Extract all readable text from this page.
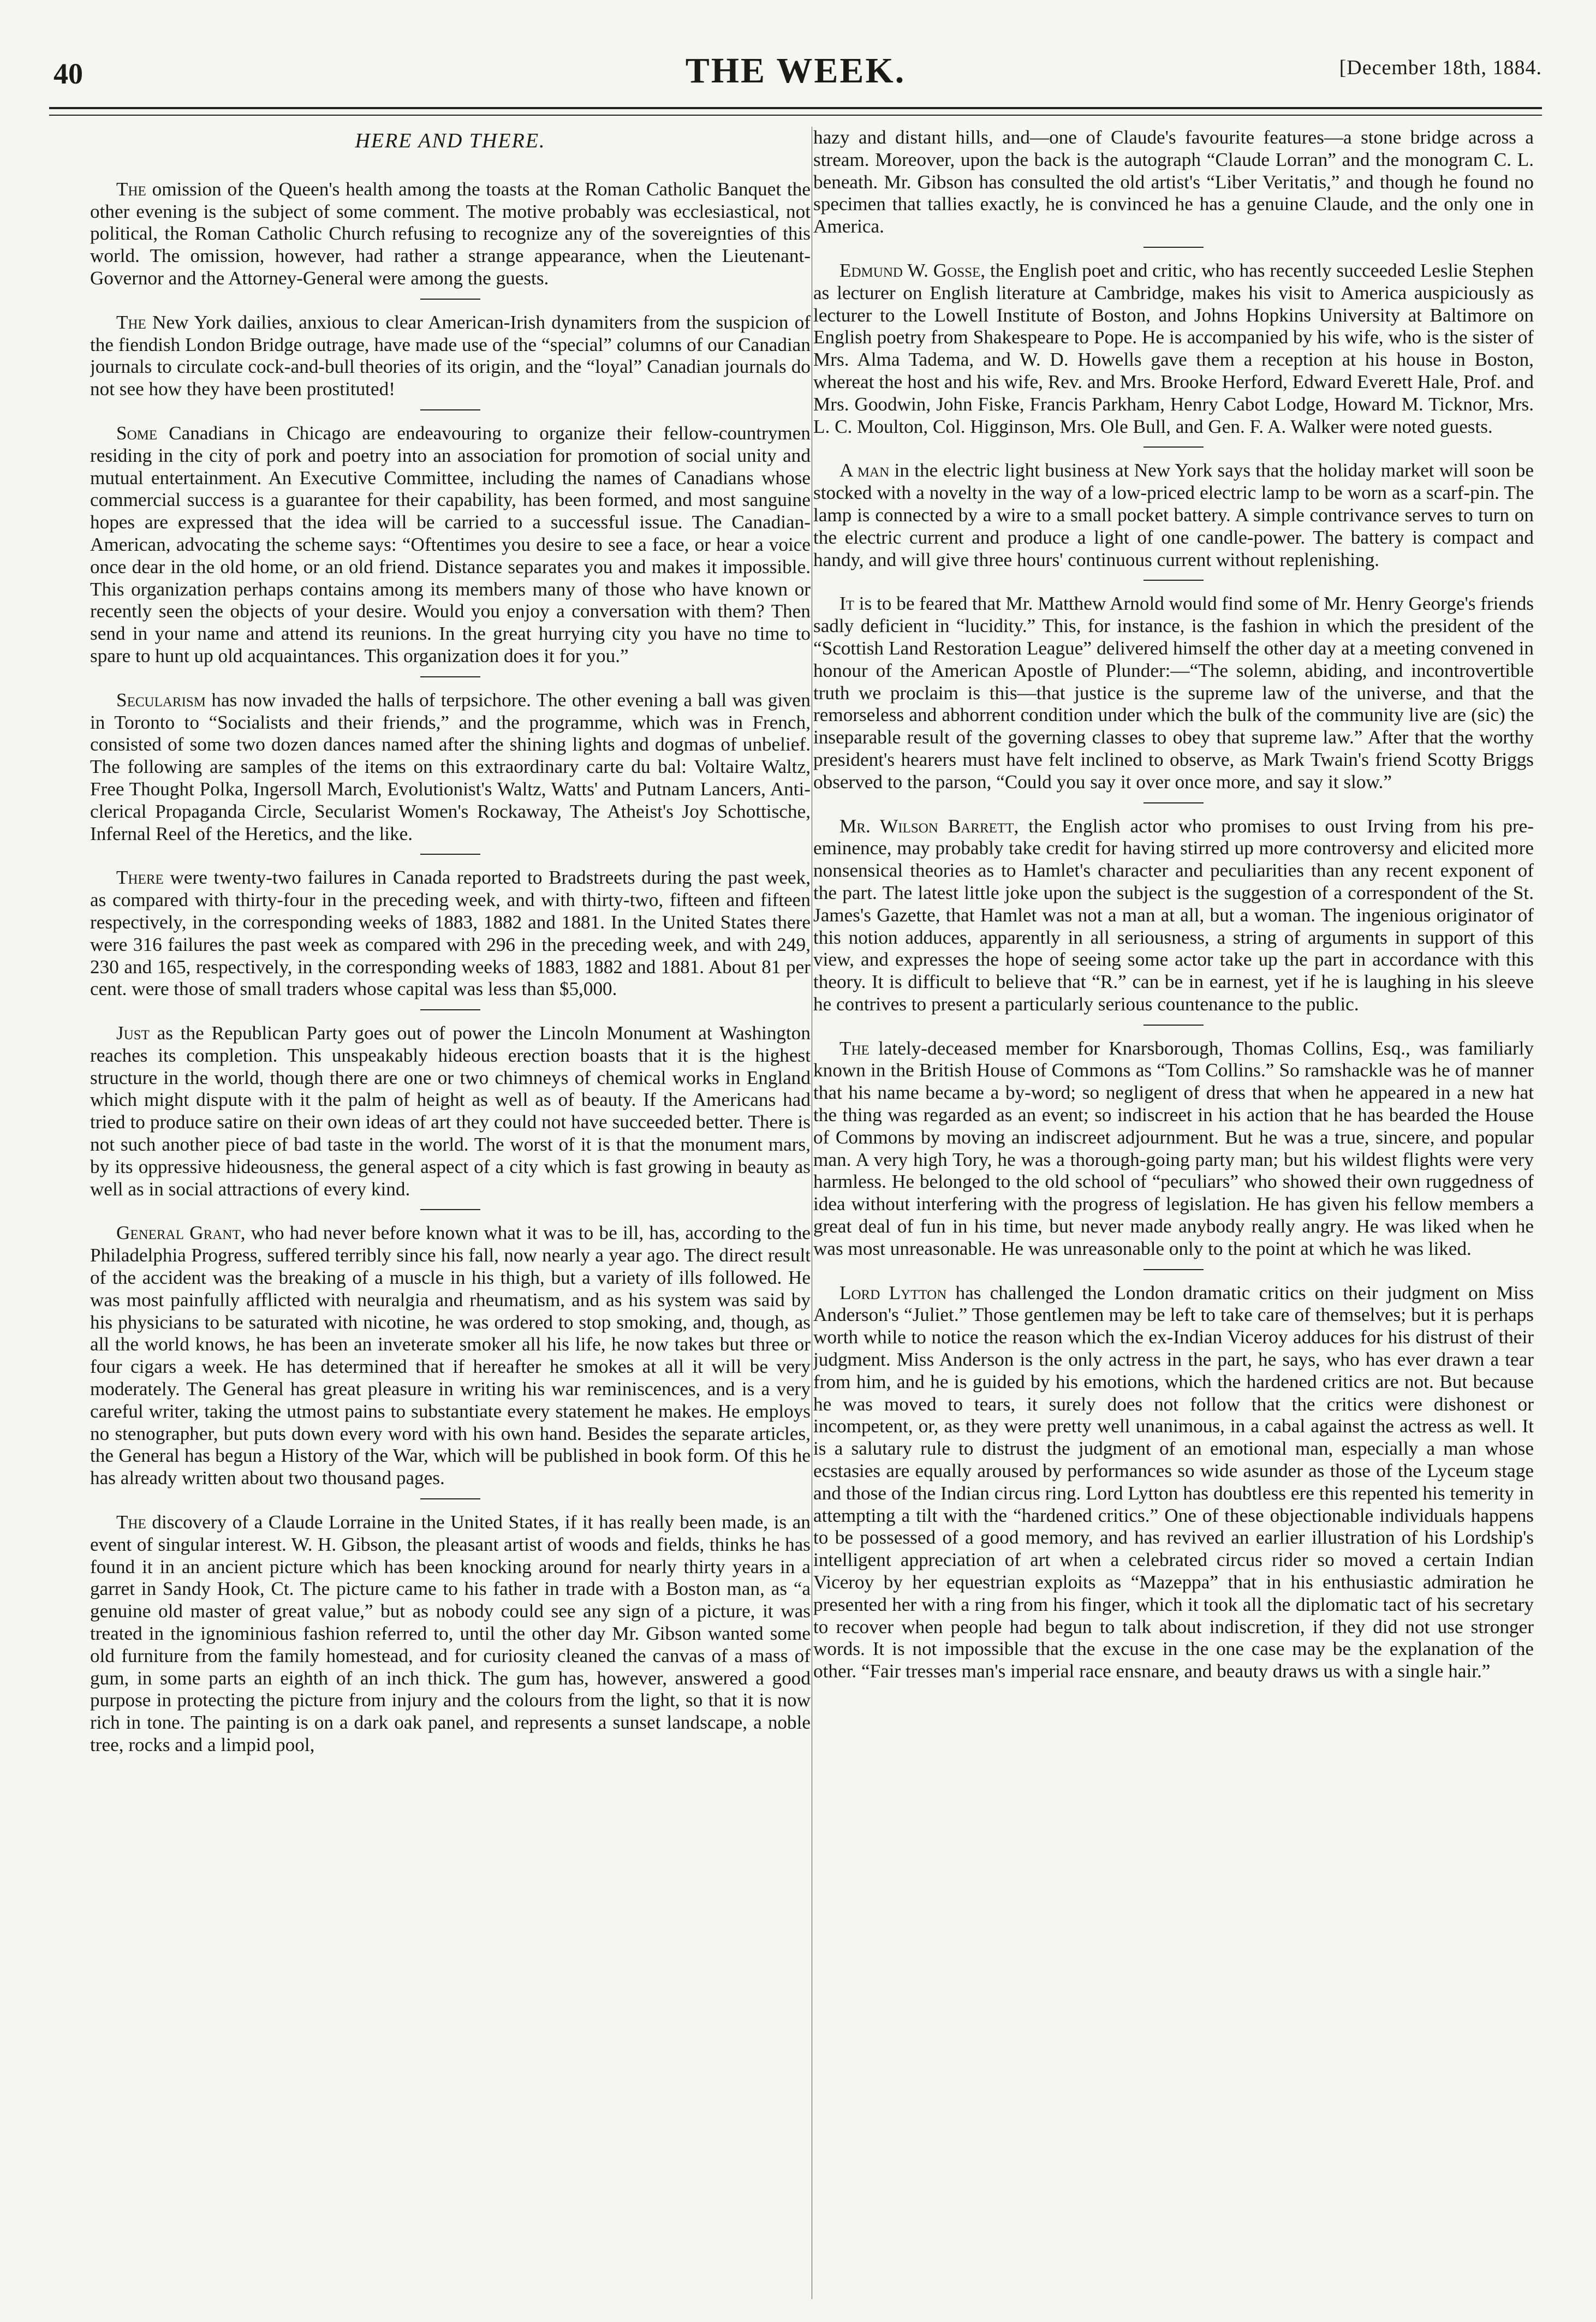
40	THE WEEK.	[December 18th, 1884.
HERE AND THERE.

The omission of the Queen's health among the toasts at the Roman Catholic Banquet the other evening is the subject of some comment. The motive probably was ecclesiastical, not political, the Roman Catholic Church refusing to recognize any of the sovereignties of this world. The omission, however, had rather a strange appearance, when the Lieutenant-Governor and the Attorney-General were among the guests.

The New York dailies, anxious to clear American-Irish dynamiters from the suspicion of the fiendish London Bridge outrage, have made use of the “special” columns of our Canadian journals to circulate cock-and-bull theories of its origin, and the “loyal” Canadian journals do not see how they have been prostituted!

Some Canadians in Chicago are endeavouring to organize their fellow-countrymen residing in the city of pork and poetry into an association for promotion of social unity and mutual entertainment. An Executive Committee, including the names of Canadians whose commercial success is a guarantee for their capability, has been formed, and most sanguine hopes are expressed that the idea will be carried to a successful issue. The Canadian-American, advocating the scheme says: “Oftentimes you desire to see a face, or hear a voice once dear in the old home, or an old friend. Distance separates you and makes it impossible. This organization perhaps contains among its members many of those who have known or recently seen the objects of your desire. Would you enjoy a conversation with them? Then send in your name and attend its reunions. In the great hurrying city you have no time to spare to hunt up old acquaintances. This organization does it for you.”

Secularism has now invaded the halls of terpsichore. The other evening a ball was given in Toronto to “Socialists and their friends,” and the programme, which was in French, consisted of some two dozen dances named after the shining lights and dogmas of unbelief. The following are samples of the items on this extraordinary carte du bal: Voltaire Waltz, Free Thought Polka, Ingersoll March, Evolutionist's Waltz, Watts' and Putnam Lancers, Anti-clerical Propaganda Circle, Secularist Women's Rockaway, The Atheist's Joy Schottische, Infernal Reel of the Heretics, and the like.

There were twenty-two failures in Canada reported to Bradstreets during the past week, as compared with thirty-four in the preceding week, and with thirty-two, fifteen and fifteen respectively, in the corresponding weeks of 1883, 1882 and 1881. In the United States there were 316 failures the past week as compared with 296 in the preceding week, and with 249, 230 and 165, respectively, in the corresponding weeks of 1883, 1882 and 1881. About 81 per cent. were those of small traders whose capital was less than $5,000.

Just as the Republican Party goes out of power the Lincoln Monument at Washington reaches its completion. This unspeakably hideous erection boasts that it is the highest structure in the world, though there are one or two chimneys of chemical works in England which might dispute with it the palm of height as well as of beauty. If the Americans had tried to produce satire on their own ideas of art they could not have succeeded better. There is not such another piece of bad taste in the world. The worst of it is that the monument mars, by its oppressive hideousness, the general aspect of a city which is fast growing in beauty as well as in social attractions of every kind.

General Grant, who had never before known what it was to be ill, has, according to the Philadelphia Progress, suffered terribly since his fall, now nearly a year ago. The direct result of the accident was the breaking of a muscle in his thigh, but a variety of ills followed. He was most painfully afflicted with neuralgia and rheumatism, and as his system was said by his physicians to be saturated with nicotine, he was ordered to stop smoking, and, though, as all the world knows, he has been an inveterate smoker all his life, he now takes but three or four cigars a week. He has determined that if hereafter he smokes at all it will be very moderately. The General has great pleasure in writing his war reminiscences, and is a very careful writer, taking the utmost pains to substantiate every statement he makes. He employs no stenographer, but puts down every word with his own hand. Besides the separate articles, the General has begun a History of the War, which will be published in book form. Of this he has already written about two thousand pages.

The discovery of a Claude Lorraine in the United States, if it has really been made, is an event of singular interest. W. H. Gibson, the pleasant artist of woods and fields, thinks he has found it in an ancient picture which has been knocking around for nearly thirty years in a garret in Sandy Hook, Ct. The picture came to his father in trade with a Boston man, as “a genuine old master of great value,” but as nobody could see any sign of a picture, it was treated in the ignominious fashion referred to, until the other day Mr. Gibson wanted some old furniture from the family homestead, and for curiosity cleaned the canvas of a mass of gum, in some parts an eighth of an inch thick. The gum has, however, answered a good purpose in protecting the picture from injury and the colours from the light, so that it is now rich in tone. The painting is on a dark oak panel, and represents a sunset landscape, a noble tree, rocks and a limpid pool,

hazy and distant hills, and—one of Claude's favourite features—a stone bridge across a stream. Moreover, upon the back is the autograph “Claude Lorran” and the monogram C. L. beneath. Mr. Gibson has consulted the old artist's “Liber Veritatis,” and though he found no specimen that tallies exactly, he is convinced he has a genuine Claude, and the only one in America.

Edmund W. Gosse, the English poet and critic, who has recently succeeded Leslie Stephen as lecturer on English literature at Cambridge, makes his visit to America auspiciously as lecturer to the Lowell Institute of Boston, and Johns Hopkins University at Baltimore on English poetry from Shakespeare to Pope. He is accompanied by his wife, who is the sister of Mrs. Alma Tadema, and W. D. Howells gave them a reception at his house in Boston, whereat the host and his wife, Rev. and Mrs. Brooke Herford, Edward Everett Hale, Prof. and Mrs. Goodwin, John Fiske, Francis Parkham, Henry Cabot Lodge, Howard M. Ticknor, Mrs. L. C. Moulton, Col. Higginson, Mrs. Ole Bull, and Gen. F. A. Walker were noted guests.

A man in the electric light business at New York says that the holiday market will soon be stocked with a novelty in the way of a low-priced electric lamp to be worn as a scarf-pin. The lamp is connected by a wire to a small pocket battery. A simple contrivance serves to turn on the electric current and produce a light of one candle-power. The battery is compact and handy, and will give three hours' continuous current without replenishing.

It is to be feared that Mr. Matthew Arnold would find some of Mr. Henry George's friends sadly deficient in “lucidity.” This, for instance, is the fashion in which the president of the “Scottish Land Restoration League” delivered himself the other day at a meeting convened in honour of the American Apostle of Plunder:—“The solemn, abiding, and incontrovertible truth we proclaim is this—that justice is the supreme law of the universe, and that the remorseless and abhorrent condition under which the bulk of the community live are (sic) the inseparable result of the governing classes to obey that supreme law.” After that the worthy president's hearers must have felt inclined to observe, as Mark Twain's friend Scotty Briggs observed to the parson, “Could you say it over once more, and say it slow.”

Mr. Wilson Barrett, the English actor who promises to oust Irving from his pre-eminence, may probably take credit for having stirred up more controversy and elicited more nonsensical theories as to Hamlet's character and peculiarities than any recent exponent of the part. The latest little joke upon the subject is the suggestion of a correspondent of the St. James's Gazette, that Hamlet was not a man at all, but a woman. The ingenious originator of this notion adduces, apparently in all seriousness, a string of arguments in support of this view, and expresses the hope of seeing some actor take up the part in accordance with this theory. It is difficult to believe that “R.” can be in earnest, yet if he is laughing in his sleeve he contrives to present a particularly serious countenance to the public.

The lately-deceased member for Knarsborough, Thomas Collins, Esq., was familiarly known in the British House of Commons as “Tom Collins.” So ramshackle was he of manner that his name became a by-word; so negligent of dress that when he appeared in a new hat the thing was regarded as an event; so indiscreet in his action that he has bearded the House of Commons by moving an indiscreet adjournment. But he was a true, sincere, and popular man. A very high Tory, he was a thorough-going party man; but his wildest flights were very harmless. He belonged to the old school of “peculiars” who showed their own ruggedness of idea without interfering with the progress of legislation. He has given his fellow members a great deal of fun in his time, but never made anybody really angry. He was liked when he was most unreasonable. He was unreasonable only to the point at which he was liked.

Lord Lytton has challenged the London dramatic critics on their judgment on Miss Anderson's “Juliet.” Those gentlemen may be left to take care of themselves; but it is perhaps worth while to notice the reason which the ex-Indian Viceroy adduces for his distrust of their judgment. Miss Anderson is the only actress in the part, he says, who has ever drawn a tear from him, and he is guided by his emotions, which the hardened critics are not. But because he was moved to tears, it surely does not follow that the critics were dishonest or incompetent, or, as they were pretty well unanimous, in a cabal against the actress as well. It is a salutary rule to distrust the judgment of an emotional man, especially a man whose ecstasies are equally aroused by performances so wide asunder as those of the Lyceum stage and those of the Indian circus ring. Lord Lytton has doubtless ere this repented his temerity in attempting a tilt with the “hardened critics.” One of these objectionable individuals happens to be possessed of a good memory, and has revived an earlier illustration of his Lordship's intelligent appreciation of art when a celebrated circus rider so moved a certain Indian Viceroy by her equestrian exploits as “Mazeppa” that in his enthusiastic admiration he presented her with a ring from his finger, which it took all the diplomatic tact of his secretary to recover when people had begun to talk about indiscretion, if they did not use stronger words. It is not impossible that the excuse in the one case may be the explanation of the other. “Fair tresses man's imperial race ensnare, and beauty draws us with a single hair.”
